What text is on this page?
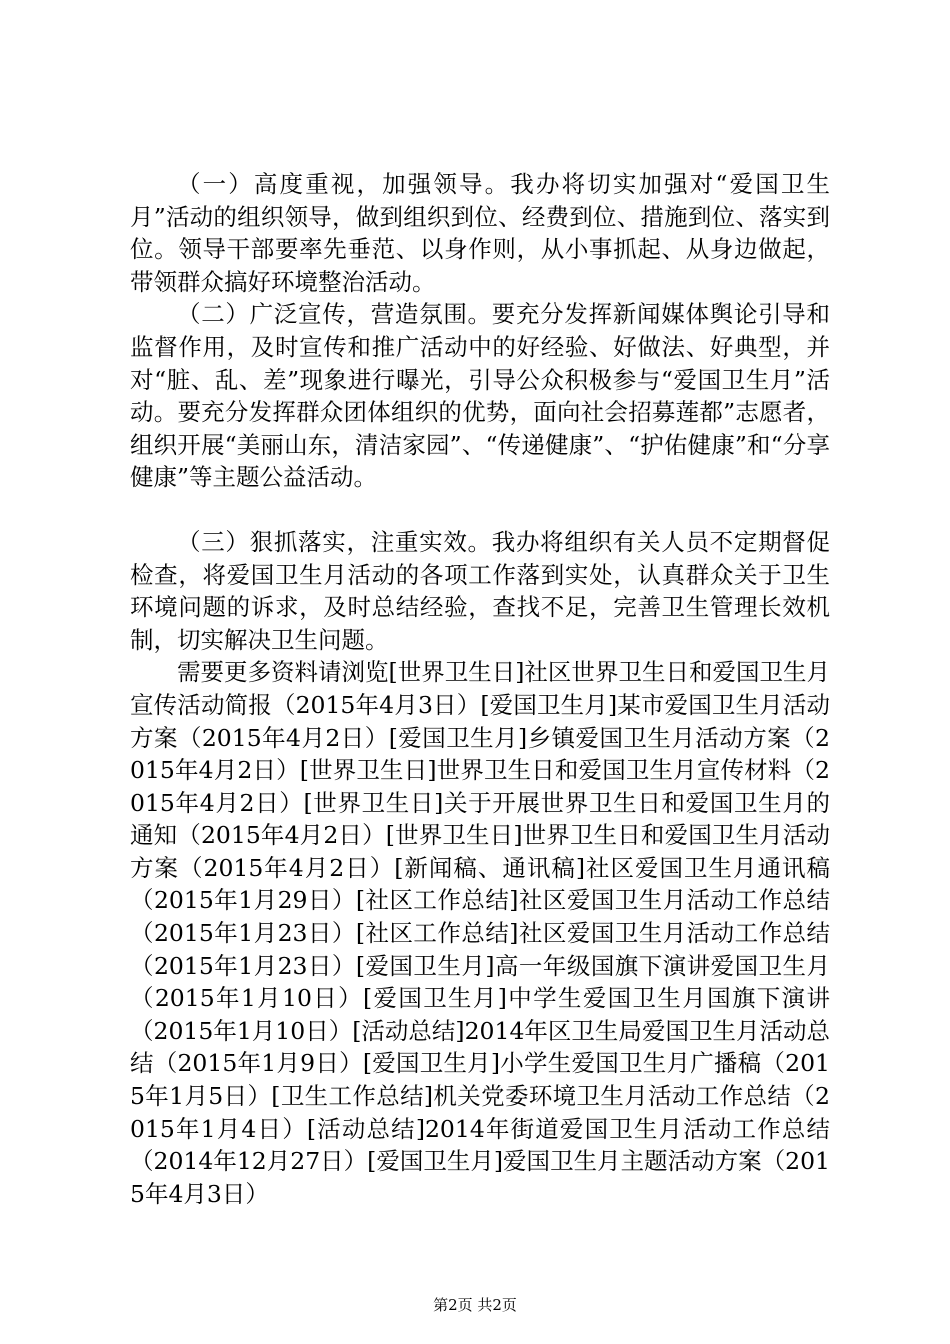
（一）高度重视，加强领导。我办将切实加强对“爱国卫生月”活动的组织领导，做到组织到位、经费到位、措施到位、落实到位。领导干部要率先垂范、以身作则，从小事抓起、从身边做起，带领群众搞好环境整治活动。

（二）广泛宣传，营造氛围。要充分发挥新闻媒体舆论引导和监督作用，及时宣传和推广活动中的好经验、好做法、好典型，并对“脏、乱、差”现象进行曝光，引导公众积极参与“爱国卫生月”活动。要充分发挥群众团体组织的优势，面向社会招募莲都”志愿者，组织开展“美丽山东，清洁家园”、“传递健康”、“护佑健康”和“分享健康”等主题公益活动。

（三）狠抓落实，注重实效。我办将组织有关人员不定期督促检查，将爱国卫生月活动的各项工作落到实处，认真群众关于卫生环境问题的诉求，及时总结经验，查找不足，完善卫生管理长效机制，切实解决卫生问题。

需要更多资料请浏览[世界卫生日]社区世界卫生日和爱国卫生月宣传活动简报（2015年4月3日）[爱国卫生月]某市爱国卫生月活动方案（2015年4月2日）[爱国卫生月]乡镇爱国卫生月活动方案（2015年4月2日）[世界卫生日]世界卫生日和爱国卫生月宣传材料（2015年4月2日）[世界卫生日]关于开展世界卫生日和爱国卫生月的通知（2015年4月2日）[世界卫生日]世界卫生日和爱国卫生月活动方案（2015年4月2日）[新闻稿、通讯稿]社区爱国卫生月通讯稿（2015年1月29日）[社区工作总结]社区爱国卫生月活动工作总结（2015年1月23日）[社区工作总结]社区爱国卫生月活动工作总结（2015年1月23日）[爱国卫生月]高一年级国旗下演讲爱国卫生月（2015年1月10日）[爱国卫生月]中学生爱国卫生月国旗下演讲（2015年1月10日）[活动总结]2014年区卫生局爱国卫生月活动总结（2015年1月9日）[爱国卫生月]小学生爱国卫生月广播稿（2015年1月5日）[卫生工作总结]机关党委环境卫生月活动工作总结（2015年1月4日）[活动总结]2014年街道爱国卫生月活动工作总结（2014年12月27日）[爱国卫生月]爱国卫生月主题活动方案（2015年4月3日）

第2页 共2页
